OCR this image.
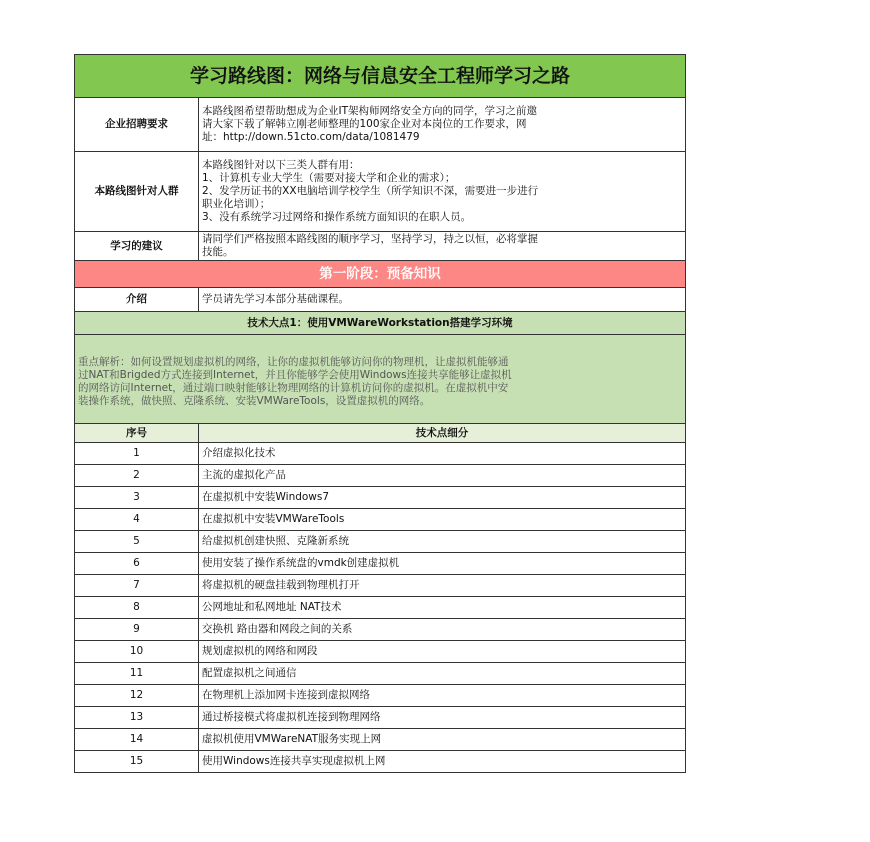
学习路线图：网络与信息安全工程师学习之路	
企业招聘要求	本路线图希望帮助想成为企业IT架构师网络安全方向的同学，学习之前邀
请大家下载了解韩立刚老师整理的100家企业对本岗位的工作要求，网
址：http://down.51cto.com/data/1081479

本路线图针对人群	本路线图针对以下三类人群有用：
1、计算机专业大学生（需要对接大学和企业的需求）；
2、发学历证书的XX电脑培训学校学生（所学知识不深，需要进一步进行
职业化培训）；
3、没有系统学习过网络和操作系统方面知识的在职人员。

学习的建议	请同学们严格按照本路线图的顺序学习，坚持学习，持之以恒，必将掌握
技能。

第一阶段：预备知识	
介绍	学员请先学习本部分基础课程。
技术大点1：使用VMWareWorkstation搭建学习环境	

重点解析：如何设置规划虚拟机的网络，让你的虚拟机能够访问你的物理机，让虚拟机能够通
过NAT和Brigded方式连接到Internet，并且你能够学会使用Windows连接共享能够让虚拟机
的网络访问Internet，通过端口映射能够让物理网络的计算机访问你的虚拟机。在虚拟机中安
装操作系统，做快照、克隆系统、安装VMWareTools，设置虚拟机的网络。	

序号	技术点细分
1	介绍虚拟化技术
2	主流的虚拟化产品
3	在虚拟机中安装Windows7
4	在虚拟机中安装VMWareTools
5	给虚拟机创建快照、克隆新系统
6	使用安装了操作系统盘的vmdk创建虚拟机
7	将虚拟机的硬盘挂载到物理机打开
8	公网地址和私网地址 NAT技术
9	交换机 路由器和网段之间的关系
10	规划虚拟机的网络和网段
11	配置虚拟机之间通信
12	在物理机上添加网卡连接到虚拟网络
13	通过桥接模式将虚拟机连接到物理网络
14	虚拟机使用VMWareNAT服务实现上网
15	使用Windows连接共享实现虚拟机上网
